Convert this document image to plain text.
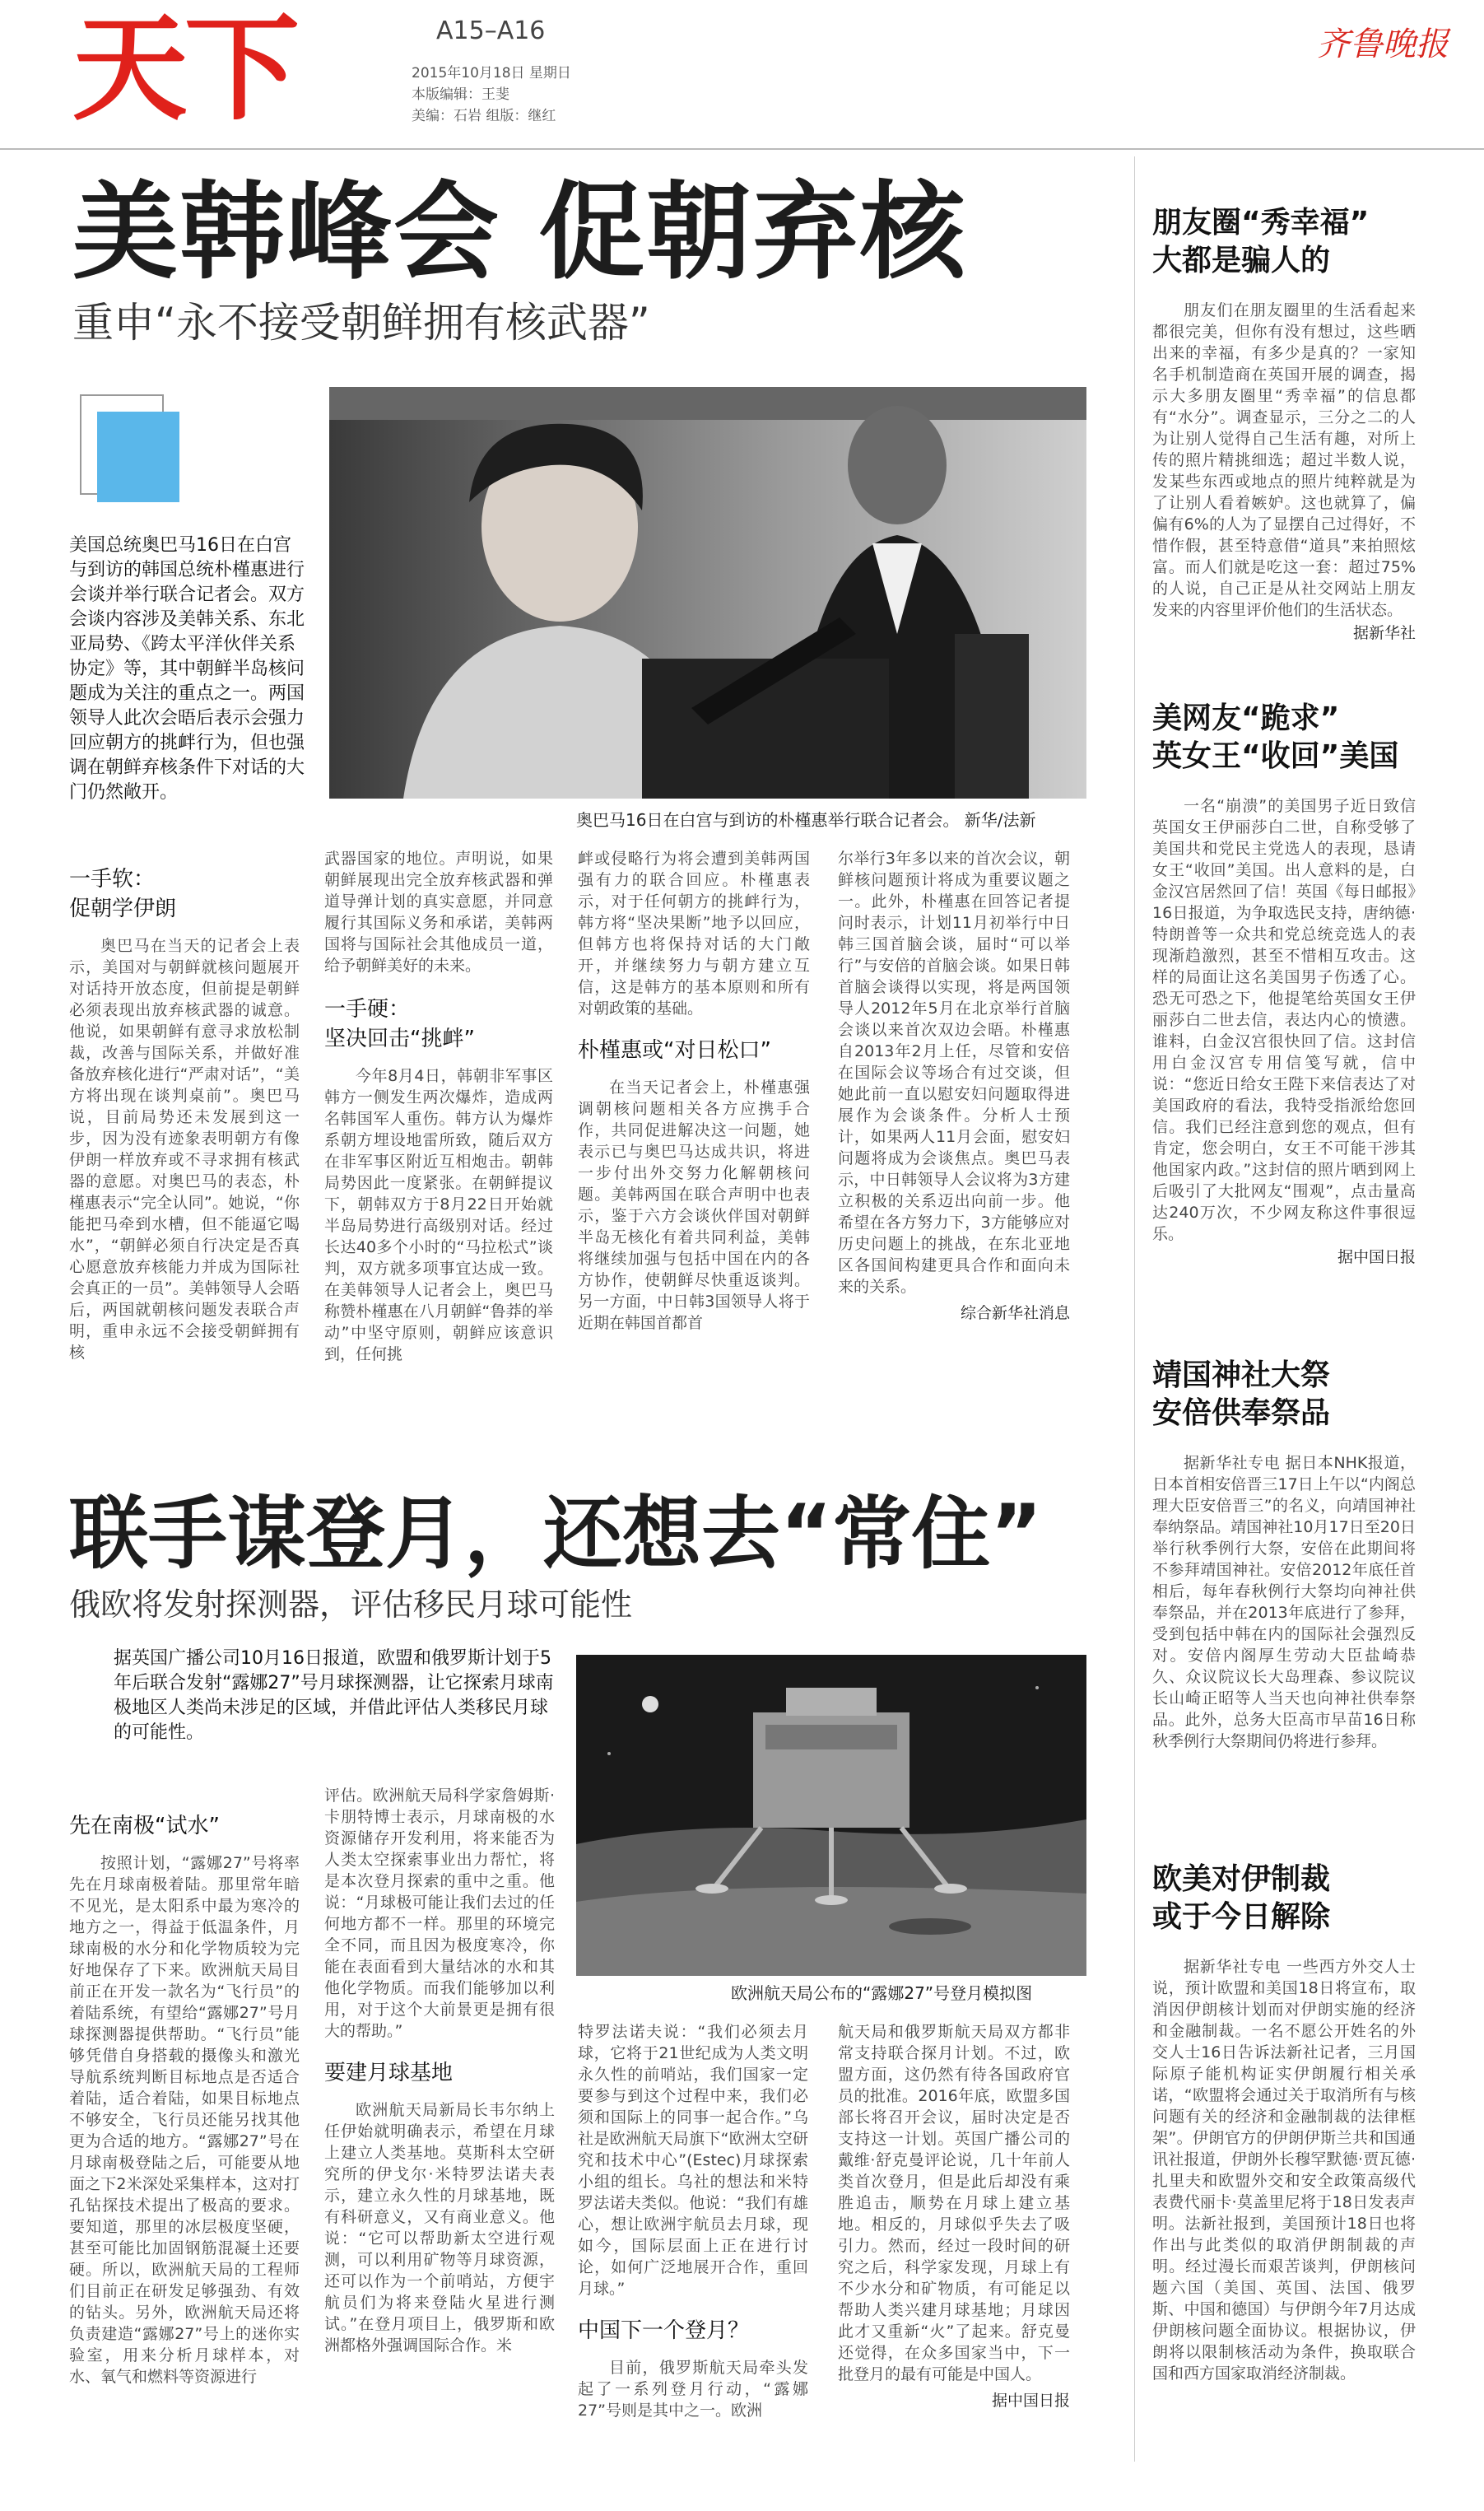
天下	A15–A16
2015年10月18日 星期日
本版编辑：王斐
美编：石岩 组版：继红
齐鲁晚报
美韩峰会 促朝弃核
重申“永不接受朝鲜拥有核武器”
美国总统奥巴马16日在白宫与到访的韩国总统朴槿惠进行会谈并举行联合记者会。双方会谈内容涉及美韩关系、东北亚局势、《跨太平洋伙伴关系协定》等，其中朝鲜半岛核问题成为关注的重点之一。两国领导人此次会晤后表示会强力回应朝方的挑衅行为，但也强调在朝鲜弃核条件下对话的大门仍然敞开。
奥巴马16日在白宫与到访的朴槿惠举行联合记者会。 新华/法新
一手软：
促朝学伊朗

奥巴马在当天的记者会上表示，美国对与朝鲜就核问题展开对话持开放态度，但前提是朝鲜必须表现出放弃核武器的诚意。他说，如果朝鲜有意寻求放松制裁，改善与国际关系，并做好准备放弃核化进行“严肃对话”，“美方将出现在谈判桌前”。奥巴马说，目前局势还未发展到这一步，因为没有迹象表明朝方有像伊朗一样放弃或不寻求拥有核武器的意愿。对奥巴马的表态，朴槿惠表示“完全认同”。她说，“你能把马牵到水槽，但不能逼它喝水”，“朝鲜必须自行决定是否真心愿意放弃核能力并成为国际社会真正的一员”。美韩领导人会晤后，两国就朝核问题发表联合声明，重申永远不会接受朝鲜拥有核

武器国家的地位。声明说，如果朝鲜展现出完全放弃核武器和弹道导弹计划的真实意愿，并同意履行其国际义务和承诺，美韩两国将与国际社会其他成员一道，给予朝鲜美好的未来。

一手硬：
坚决回击“挑衅”

今年8月4日，韩朝非军事区韩方一侧发生两次爆炸，造成两名韩国军人重伤。韩方认为爆炸系朝方埋设地雷所致，随后双方在非军事区附近互相炮击。朝韩局势因此一度紧张。在朝鲜提议下，朝韩双方于8月22日开始就半岛局势进行高级别对话。经过长达40多个小时的“马拉松式”谈判，双方就多项事宜达成一致。在美韩领导人记者会上，奥巴马称赞朴槿惠在八月朝鲜“鲁莽的举动”中坚守原则，朝鲜应该意识到，任何挑

衅或侵略行为将会遭到美韩两国强有力的联合回应。朴槿惠表示，对于任何朝方的挑衅行为，韩方将“坚决果断”地予以回应，但韩方也将保持对话的大门敞开，并继续努力与朝方建立互信，这是韩方的基本原则和所有对朝政策的基础。

朴槿惠或“对日松口”

在当天记者会上，朴槿惠强调朝核问题相关各方应携手合作，共同促进解决这一问题，她表示已与奥巴马达成共识，将进一步付出外交努力化解朝核问题。美韩两国在联合声明中也表示，鉴于六方会谈伙伴国对朝鲜半岛无核化有着共同利益，美韩将继续加强与包括中国在内的各方协作，使朝鲜尽快重返谈判。另一方面，中日韩3国领导人将于近期在韩国首都首

尔举行3年多以来的首次会议，朝鲜核问题预计将成为重要议题之一。此外，朴槿惠在回答记者提问时表示，计划11月初举行中日韩三国首脑会谈，届时“可以举行”与安倍的首脑会谈。如果日韩首脑会谈得以实现，将是两国领导人2012年5月在北京举行首脑会谈以来首次双边会晤。朴槿惠自2013年2月上任，尽管和安倍在国际会议等场合有过交谈，但她此前一直以慰安妇问题取得进展作为会谈条件。分析人士预计，如果两人11月会面，慰安妇问题将成为会谈焦点。奥巴马表示，中日韩领导人会议将为3方建立积极的关系迈出向前一步。他希望在各方努力下，3方能够应对历史问题上的挑战，在东北亚地区各国间构建更具合作和面向未来的关系。

综合新华社消息
联手谋登月，还想去“常住”
俄欧将发射探测器，评估移民月球可能性
据英国广播公司10月16日报道，欧盟和俄罗斯计划于5年后联合发射“露娜27”号月球探测器，让它探索月球南极地区人类尚未涉足的区域，并借此评估人类移民月球的可能性。
欧洲航天局公布的“露娜27”号登月模拟图
先在南极“试水”

按照计划，“露娜27”号将率先在月球南极着陆。那里常年暗不见光，是太阳系中最为寒冷的地方之一，得益于低温条件，月球南极的水分和化学物质较为完好地保存了下来。欧洲航天局目前正在开发一款名为“飞行员”的着陆系统，有望给“露娜27”号月球探测器提供帮助。“飞行员”能够凭借自身搭载的摄像头和激光导航系统判断目标地点是否适合着陆，适合着陆，如果目标地点不够安全，飞行员还能另找其他更为合适的地方。“露娜27”号在月球南极登陆之后，可能要从地面之下2米深处采集样本，这对打孔钻探技术提出了极高的要求。要知道，那里的冰层极度坚硬，甚至可能比加固钢筋混凝土还要硬。所以，欧洲航天局的工程师们目前正在研发足够强劲、有效的钻头。另外，欧洲航天局还将负责建造“露娜27”号上的迷你实验室，用来分析月球样本，对水、氧气和燃料等资源进行

评估。欧洲航天局科学家詹姆斯·卡朋特博士表示，月球南极的水资源储存开发利用，将来能否为人类太空探索事业出力帮忙，将是本次登月探索的重中之重。他说：“月球极可能让我们去过的任何地方都不一样。那里的环境完全不同，而且因为极度寒冷，你能在表面看到大量结冰的水和其他化学物质。而我们能够加以利用，对于这个大前景更是拥有很大的帮助。”

要建月球基地

欧洲航天局新局长韦尔纳上任伊始就明确表示，希望在月球上建立人类基地。莫斯科太空研究所的伊戈尔·米特罗法诺夫表示，建立永久性的月球基地，既有科研意义，又有商业意义。他说：“它可以帮助新太空进行观测，可以利用矿物等月球资源，还可以作为一个前哨站，方便宇航员们为将来登陆火星进行测试。”在登月项目上，俄罗斯和欧洲都格外强调国际合作。米

特罗法诺夫说：“我们必须去月球，它将于21世纪成为人类文明永久性的前哨站，我们国家一定要参与到这个过程中来，我们必须和国际上的同事一起合作。”乌社是欧洲航天局旗下“欧洲太空研究和技术中心”(Estec)月球探索小组的组长。乌社的想法和米特罗法诺夫类似。他说：“我们有雄心，想让欧洲宇航员去月球，现如今，国际层面上正在进行讨论，如何广泛地展开合作，重回月球。”

中国下一个登月？

目前，俄罗斯航天局牵头发起了一系列登月行动，“露娜27”号则是其中之一。欧洲

航天局和俄罗斯航天局双方都非常支持联合探月计划。不过，欧盟方面，这仍然有待各国政府官员的批准。2016年底，欧盟多国部长将召开会议，届时决定是否支持这一计划。英国广播公司的戴维·舒克曼评论说，几十年前人类首次登月，但是此后却没有乘胜追击，顺势在月球上建立基地。相反的，月球似乎失去了吸引力。然而，经过一段时间的研究之后，科学家发现，月球上有不少水分和矿物质，有可能足以帮助人类兴建月球基地；月球因此才又重新“火”了起来。舒克曼还觉得，在众多国家当中，下一批登月的最有可能是中国人。

据中国日报
朋友圈“秀幸福”
大都是骗人的

朋友们在朋友圈里的生活看起来都很完美，但你有没有想过，这些晒出来的幸福，有多少是真的？一家知名手机制造商在英国开展的调查，揭示大多朋友圈里“秀幸福”的信息都有“水分”。调查显示，三分之二的人为让别人觉得自己生活有趣，对所上传的照片精挑细选；超过半数人说，发某些东西或地点的照片纯粹就是为了让别人看着嫉妒。这也就算了，偏偏有6%的人为了显摆自己过得好，不惜作假，甚至特意借“道具”来拍照炫富。而人们就是吃这一套：超过75%的人说，自己正是从社交网站上朋友发来的内容里评价他们的生活状态。

据新华社
美网友“跪求”
英女王“收回”美国

一名“崩溃”的美国男子近日致信英国女王伊丽莎白二世，自称受够了美国共和党民主党选人的表现，恳请女王“收回”美国。出人意料的是，白金汉宫居然回了信！英国《每日邮报》16日报道，为争取选民支持，唐纳德·特朗普等一众共和党总统竞选人的表现渐趋激烈，甚至不惜相互攻击。这样的局面让这名美国男子伤透了心。恐无可恐之下，他提笔给英国女王伊丽莎白二世去信，表达内心的愤懑。谁料，白金汉宫很快回了信。这封信用白金汉宫专用信笺写就，信中说：“您近日给女王陛下来信表达了对美国政府的看法，我特受指派给您回信。我们已经注意到您的观点，但有肯定，您会明白，女王不可能干涉其他国家内政。”这封信的照片晒到网上后吸引了大批网友“围观”，点击量高达240万次，不少网友称这件事很逗乐。

据中国日报
靖国神社大祭
安倍供奉祭品

据新华社专电 据日本NHK报道，日本首相安倍晋三17日上午以“内阁总理大臣安倍晋三”的名义，向靖国神社奉纳祭品。靖国神社10月17日至20日举行秋季例行大祭，安倍在此期间将不参拜靖国神社。安倍2012年底任首相后，每年春秋例行大祭均向神社供奉祭品，并在2013年底进行了参拜，受到包括中韩在内的国际社会强烈反对。安倍内阁厚生劳动大臣盐崎恭久、众议院议长大岛理森、参议院议长山崎正昭等人当天也向神社供奉祭品。此外，总务大臣高市早苗16日称秋季例行大祭期间仍将进行参拜。

欧美对伊制裁
或于今日解除

据新华社专电 一些西方外交人士说，预计欧盟和美国18日将宣布，取消因伊朗核计划而对伊朗实施的经济和金融制裁。一名不愿公开姓名的外交人士16日告诉法新社记者，三月国际原子能机构证实伊朗履行相关承诺，“欧盟将会通过关于取消所有与核问题有关的经济和金融制裁的法律框架”。伊朗官方的伊朗伊斯兰共和国通讯社报道，伊朗外长穆罕默德·贾瓦德·扎里夫和欧盟外交和安全政策高级代表费代丽卡·莫盖里尼将于18日发表声明。法新社报到，美国预计18日也将作出与此类似的取消伊朗制裁的声明。经过漫长而艰苦谈判，伊朗核问题六国（美国、英国、法国、俄罗斯、中国和德国）与伊朗今年7月达成伊朗核问题全面协议。根据协议，伊朗将以限制核活动为条件，换取联合国和西方国家取消经济制裁。
